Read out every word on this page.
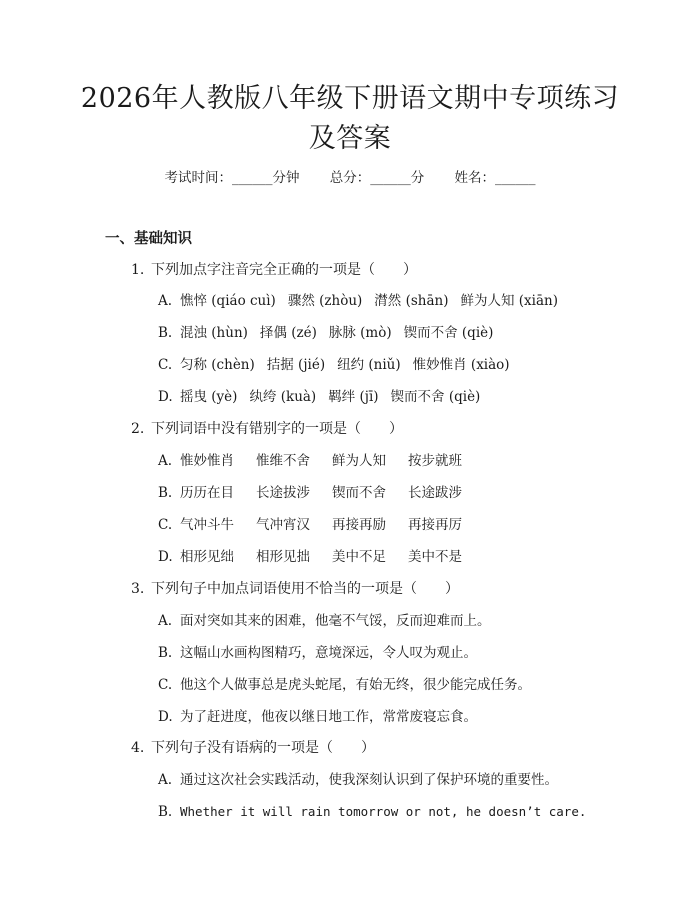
2026年人教版八年级下册语文期中专项练习
及答案
考试时间：______分钟 总分：______分 姓名：______
一、基础知识
1. 下列加点字注音完全正确的一项是（　　）
A. 憔悴 (qiáo cuì) 骤然 (zhòu) 潸然 (shān) 鲜为人知 (xiān)
B. 混浊 (hùn) 择偶 (zé) 脉脉 (mò) 锲而不舍 (qiè)
C. 匀称 (chèn) 拮据 (jié) 纽约 (niǔ) 惟妙惟肖 (xiào)
D. 摇曳 (yè) 纨绔 (kuà) 羁绊 (jī) 锲而不舍 (qiè)
2. 下列词语中没有错别字的一项是（　　）
A. 惟妙惟肖 惟维不舍 鲜为人知 按步就班
B. 历历在目 长途拔涉 锲而不舍 长途跋涉
C. 气冲斗牛 气冲宵汉 再接再励 再接再厉
D. 相形见绌 相形见拙 美中不足 美中不是
3. 下列句子中加点词语使用不恰当的一项是（　　）
A. 面对突如其来的困难，他毫不气馁，反而迎难而上。
B. 这幅山水画构图精巧，意境深远，令人叹为观止。
C. 他这个人做事总是虎头蛇尾，有始无终，很少能完成任务。
D. 为了赶进度，他夜以继日地工作，常常废寝忘食。
4. 下列句子没有语病的一项是（　　）
A. 通过这次社会实践活动，使我深刻认识到了保护环境的重要性。
B. Whether it will rain tomorrow or not, he doesn’t care.
